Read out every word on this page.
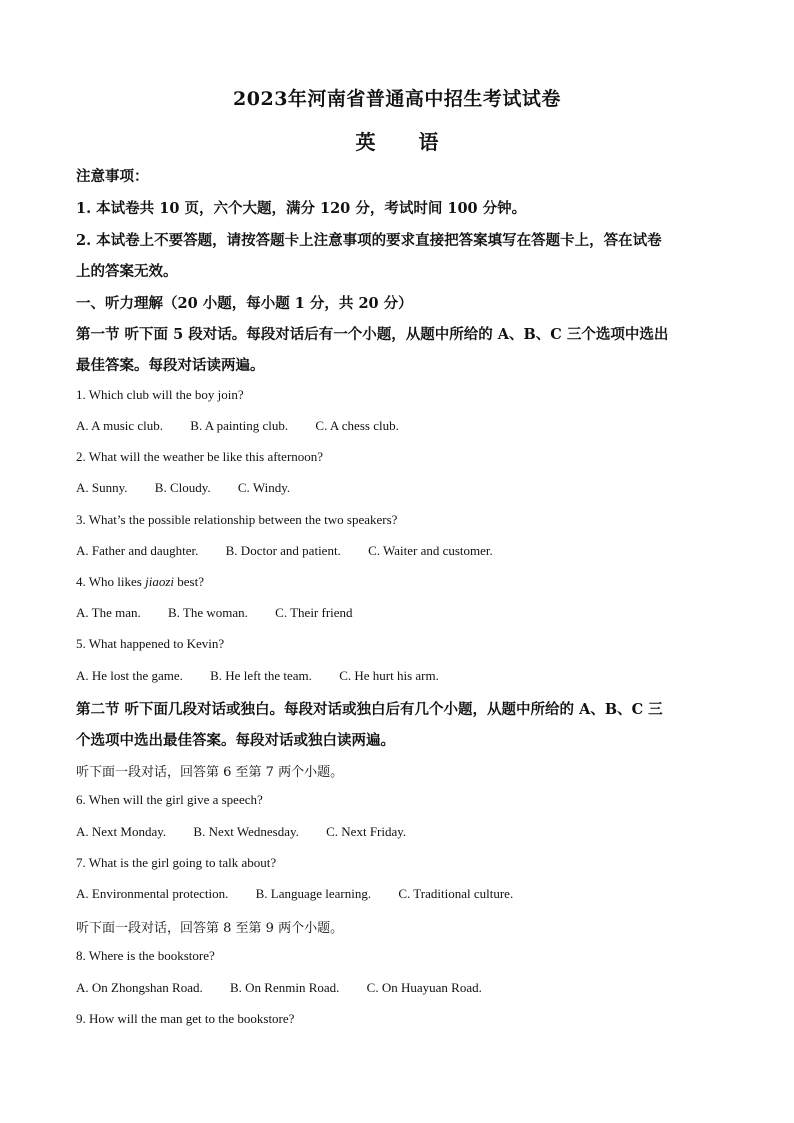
2023年河南省普通高中招生考试试卷
英 语
注意事项：
1. 本试卷共 10 页，六个大题，满分 120 分，考试时间 100 分钟。
2. 本试卷上不要答题，请按答题卡上注意事项的要求直接把答案填写在答题卡上，答在试卷
上的答案无效。
一、听力理解（20 小题，每小题 1 分，共 20 分）
第一节 听下面 5 段对话。每段对话后有一个小题，从题中所给的 A、B、C 三个选项中选出
最佳答案。每段对话读两遍。
1. Which club will the boy join?
A. A music club. B. A painting club. C. A chess club.
2. What will the weather be like this afternoon?
A. Sunny. B. Cloudy. C. Windy.
3. What’s the possible relationship between the two speakers?
A. Father and daughter. B. Doctor and patient. C. Waiter and customer.
4. Who likes jiaozi best?
A. The man. B. The woman. C. Their friend
5. What happened to Kevin?
A. He lost the game. B. He left the team. C. He hurt his arm.
第二节 听下面几段对话或独白。每段对话或独白后有几个小题，从题中所给的 A、B、C 三
个选项中选出最佳答案。每段对话或独白读两遍。
听下面一段对话，回答第 6 至第 7 两个小题。
6. When will the girl give a speech?
A. Next Monday. B. Next Wednesday. C. Next Friday.
7. What is the girl going to talk about?
A. Environmental protection. B. Language learning. C. Traditional culture.
听下面一段对话，回答第 8 至第 9 两个小题。
8. Where is the bookstore?
A. On Zhongshan Road. B. On Renmin Road. C. On Huayuan Road.
9. How will the man get to the bookstore?
